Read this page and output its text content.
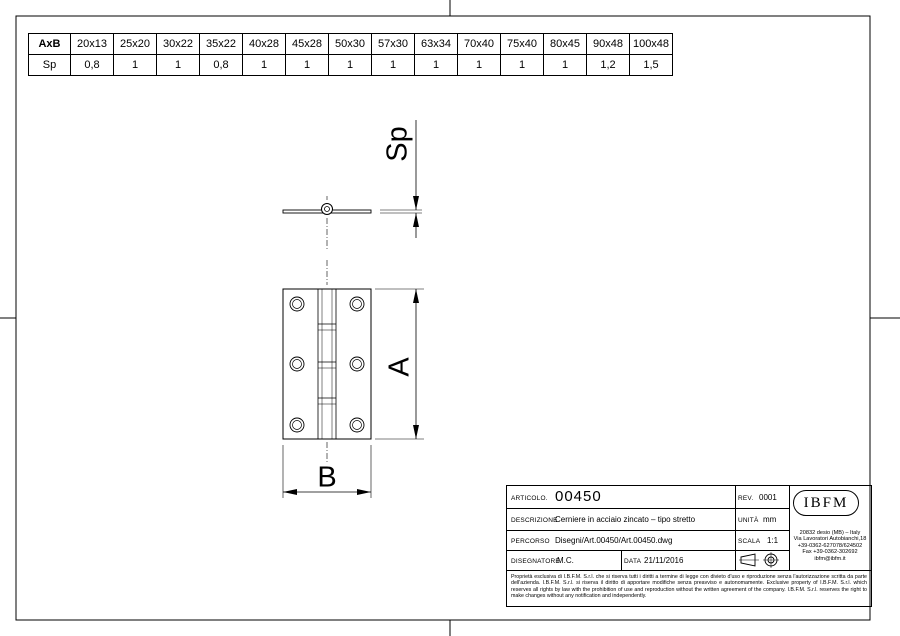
Sp
A
B
AxB	20x13	25x20	30x22	35x22	40x28	45x28	50x30	57x30	63x34	70x40	75x40	80x45	90x48	100x48
Sp	0,8	1	1	0,8	1	1	1	1	1	1	1	1	1,2	1,5
ARTICOLO. 00450	REV. 0001
DESCRIZIONE
Cerniere in acciaio zincato – tipo stretto	UNITÀ mm
PERCORSO Disegni/Art.00450/Art.00450.dwg	SCALA 1:1
DISEGNATORE
M.C.	DATA 21/11/2016
IBFM
20832 desio (MB) – Italy
Via Lavoratori Autobianchi,18
+39-0362-627078/624502
Fax +39-0362-302692
ibfm@ibfm.it
Proprietà esclusiva di I.B.F.M. S.r.l. che si riserva tutti i diritti a termine di legge con divieto d'uso e riproduzione senza l'autorizzazione scritta da parte dell'azienda. I.B.F.M. S.r.l. si riserva il diritto di apportare modifiche senza preavviso e autonomamente. Exclusive property of I.B.F.M. S.r.l. which reserves all rights by law with the prohibition of use and reproduction without the written agreement of the company. I.B.F.M. S.r.l. reserves the right to make changes without any notification and independently.
